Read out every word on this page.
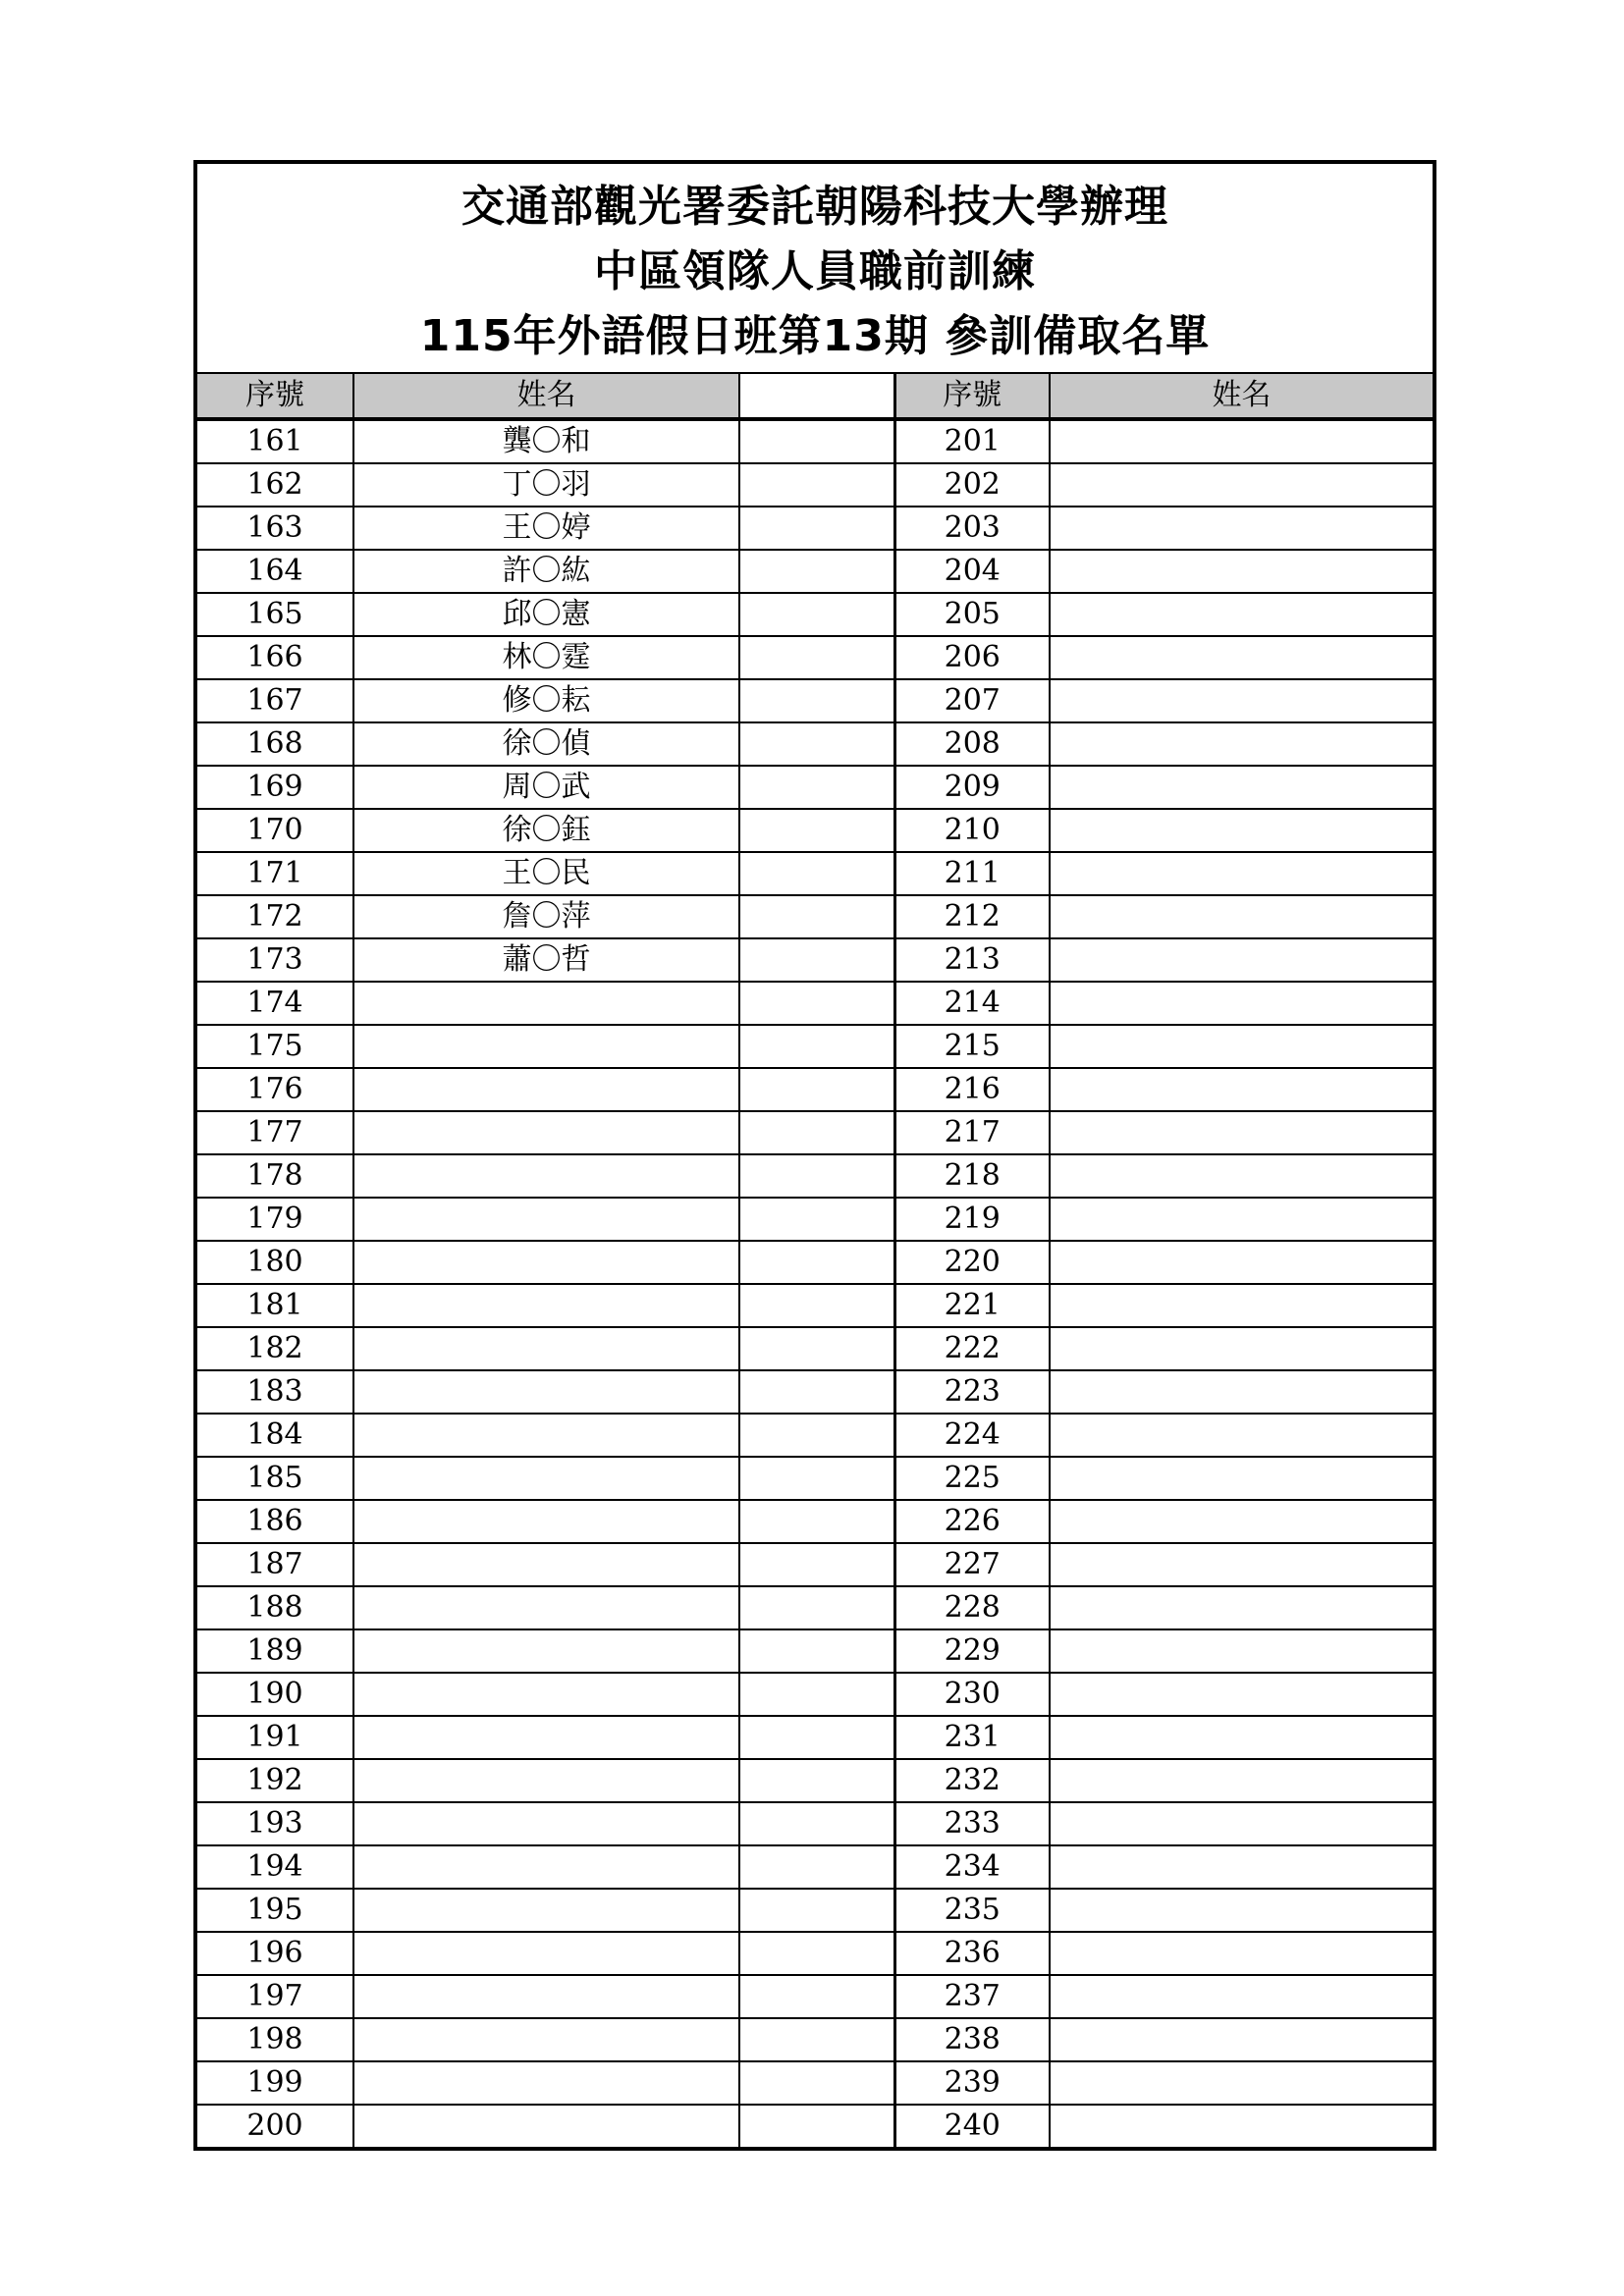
交通部觀光署委託朝陽科技大學辦理
中區領隊人員職前訓練
115年外語假日班第13期 參訓備取名單
序號	姓名		序號	姓名
161	龔〇和		201	
162	丁〇羽		202	
163	王〇婷		203	
164	許〇紘		204	
165	邱〇憲		205	
166	林〇霆		206	
167	修〇耘		207	
168	徐〇偵		208	
169	周〇武		209	
170	徐〇鈺		210	
171	王〇民		211	
172	詹〇萍		212	
173	蕭〇哲		213	
174			214	
175			215	
176			216	
177			217	
178			218	
179			219	
180			220	
181			221	
182			222	
183			223	
184			224	
185			225	
186			226	
187			227	
188			228	
189			229	
190			230	
191			231	
192			232	
193			233	
194			234	
195			235	
196			236	
197			237	
198			238	
199			239	
200			240	
